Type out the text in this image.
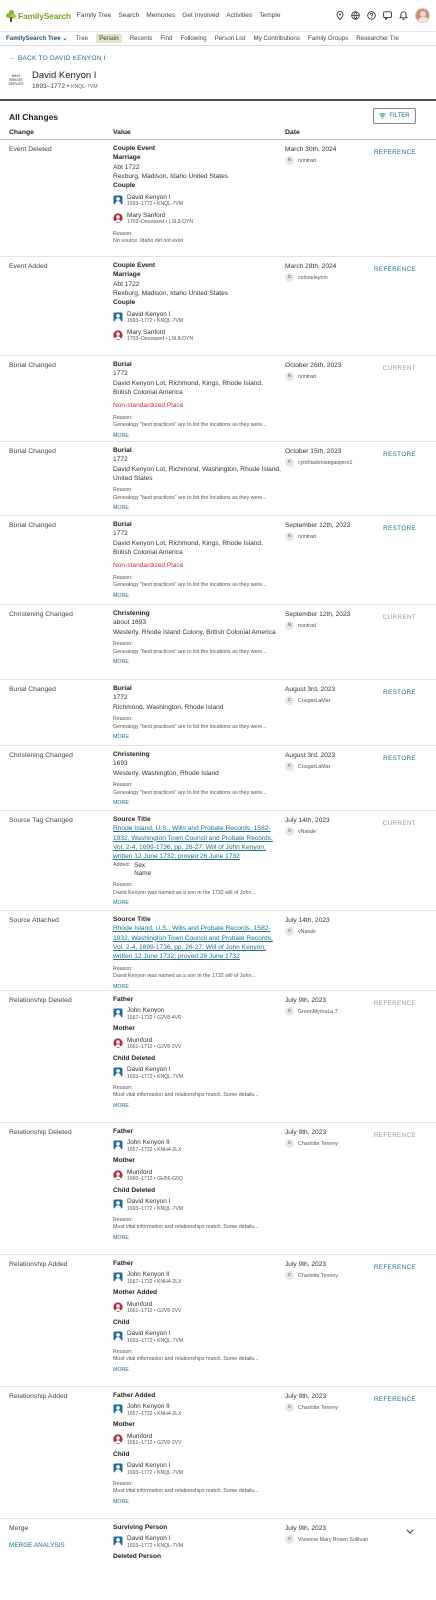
FamilySearch Family Tree Search Memories Get Involved Activities Temple
FamilySearch Tree ⌄ Tree	Person	Recents Find Following Person List My Contributions Family Groups Researcher Tre
← BACK TO DAVID KENYON I
WHO
BRIDGE
SERVICE
David Kenyon I
1693–1772 • KNQL-7VM
All Changes	FILTER
Change	Value	Date
Event Deleted	Couple Event
Marriage
Abt 1722
Rexburg, Madison, Idaho United States
Couple
David Kenyon I
1693–1772 • KNQL-7VM
Mary Sanford
1703–Deceased • LSL8-DYN
Reason:
No source. Idaho did not exist
March 30th, 2024
N	nontrad
REFERENCE
Event Added	Couple Event
Marriage
Abt 1722
Rexburg, Madison, Idaho United States
Couple
David Kenyon I
1693–1772 • KNQL-7VM
Mary Sanford
1703–Deceased • LSL8-DYN
March 28th, 2024
C	colonelayton
REFERENCE
Burial Changed	Burial
1772
David Kenyon Lot, Richmond, Kings, Rhode Island, British Colonial America
Non-standardized Place
Reason:
Genealogy "best practices" are to list the locations as they were...
MORE
October 26th, 2023
N	nontrad
CURRENT
Burial Changed	Burial
1772
David Kenyon Lot, Richmond, Washington, Rhode Island, United States
Reason:
Genealogy "best practices" are to list the locations as they were...
MORE
October 15th, 2023
C	cynthiadenisegaspero1
RESTORE
Burial Changed	Burial
1772
David Kenyon Lot, Richmond, Kings, Rhode Island, British Colonial America
Non-standardized Place
Reason:
Genealogy "best practices" are to list the locations as they were...
MORE
September 12th, 2023
N	nontrad
RESTORE
Christening Changed	Christening
about 1693
Westerly, Rhode Island Colony, British Colonial America
Reason:
Genealogy "best practices" are to list the locations as they were...
MORE
September 12th, 2023
N	nontrad
CURRENT
Burial Changed	Burial
1772
Richmond, Washington, Rhode Island
Reason:
Genealogy "best practices" are to list the locations as they were...
MORE
August 3rd, 2023
C	CougarLaMar
RESTORE
Christening Changed	Christening
1693
Westerly, Washington, Rhode Island
Reason:
Genealogy "best practices" are to list the locations as they were...
MORE
August 3rd, 2023
C	CougarLaMar
RESTORE
Source Tag Changed	Source Title
Rhode Island, U.S., Wills and Probate Records, 1582-1932, Washington Town Council and Probate Records, Vol. 2-4, 1699-1736, pp. 26-27: Will of John Kenyon, written 12 June 1732; proved 26 June 1732
Added: Sex
Name
Reason:
David Kenyon was named as a son in the 1732 will of John...
MORE
July 14th, 2023
V	vNatale
CURRENT
Source Attached	Source Title
Rhode Island, U.S., Wills and Probate Records, 1582-1932, Washington Town Council and Probate Records, Vol. 2-4, 1699-1736, pp. 26-27: Will of John Kenyon, written 12 June 1732; proved 26 June 1732
Reason:
David Kenyon was named as a son in the 1732 will of John...
MORE
July 14th, 2023
V	vNatale
Relationship Deleted	Father
John Kenyon
1657–1732 • G2V8-4VR
Mother
Mumford
1661–1712 • G2V8-2VV
Child Deleted
David Kenyon I
1693–1772 • KNQL-7VM
Reason:
Most vital information and relationships match. Some details...
MORE
July 9th, 2023
G	GreenMyrnaLu 7
REFERENCE
Relationship Deleted	Father
John Kenyon II
1657–1732 • KNH4-2LX
Mother
Mumford
1660–1712 • GH56-G5Q
Child Deleted
David Kenyon I
1693–1772 • KNQL-7VM
Reason:
Most vital information and relationships match. Some details...
MORE
July 9th, 2023
C	Charlotte Tenney
REFERENCE
Relationship Added	Father
John Kenyon II
1657–1732 • KNH4-2LX
Mother Added
Mumford
1661–1712 • G2V8-2VV
Child
David Kenyon I
1693–1772 • KNQL-7VM
Reason:
Most vital information and relationships match. Some details...
MORE
July 9th, 2023
C	Charlotte Tenney
REFERENCE
Relationship Added	Father Added
John Kenyon II
1657–1732 • KNH4-2LX
Mother
Mumford
1661–1712 • G2V8-2VV
Child
David Kenyon I
1693–1772 • KNQL-7VM
Reason:
Most vital information and relationships match. Some details...
MORE
July 9th, 2023
C	Charlotte Tenney
REFERENCE
Merge
MERGE ANALYSIS
Surviving Person
David Kenyon I
1693–1772 • KNQL-7VM
Deleted Person
July 9th, 2023
V	Vivienne Mary Brown Sullivan
